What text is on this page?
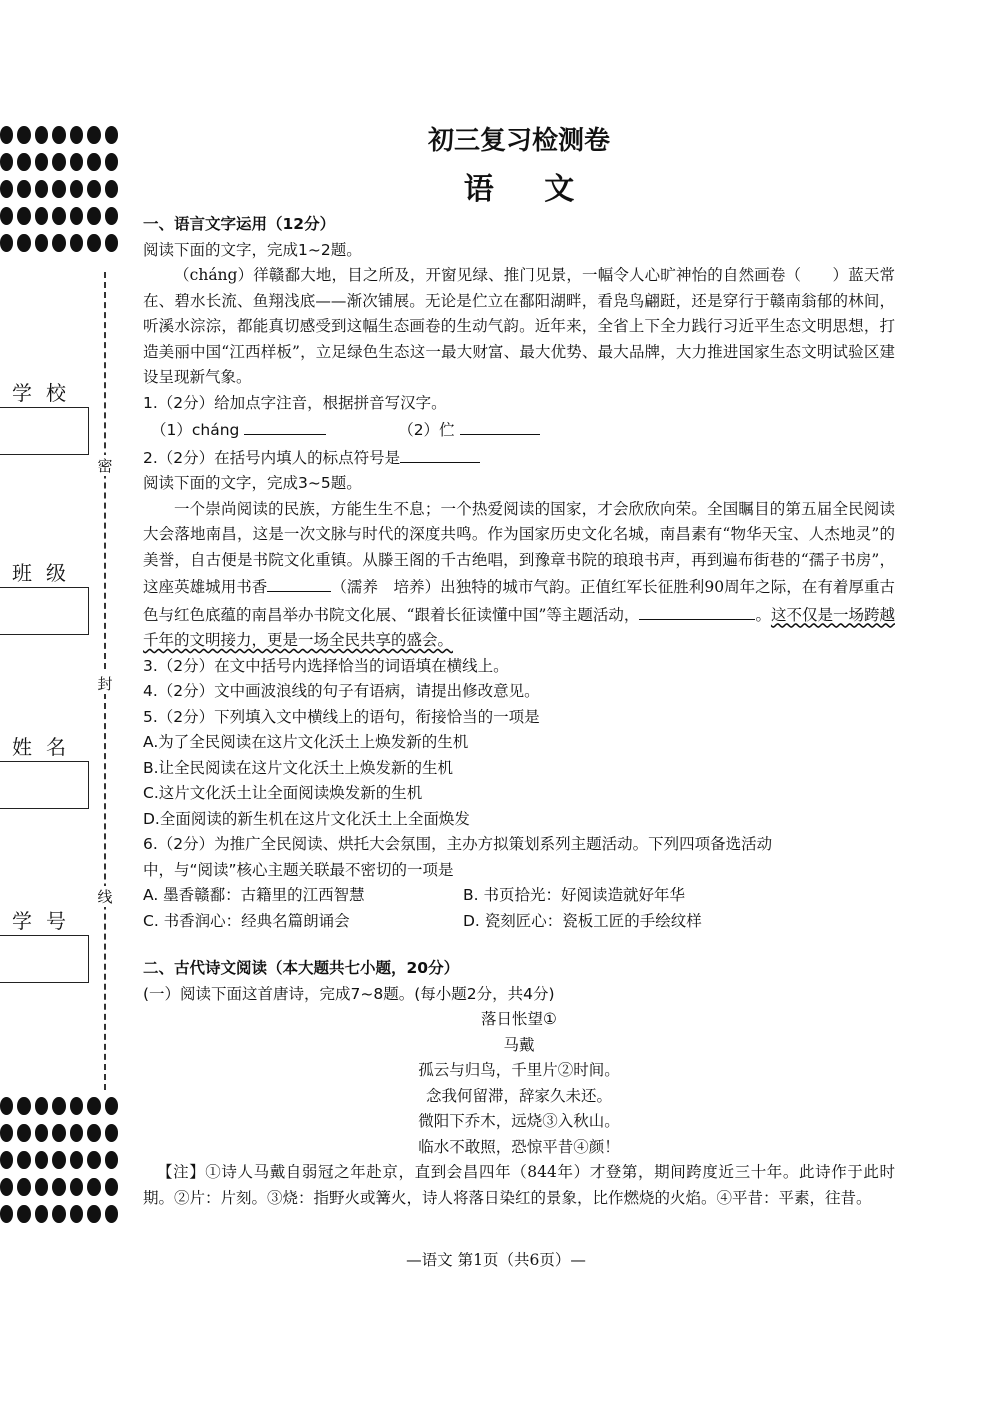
密
封
线
学校
班级
姓名
学号
初三复习检测卷
语 文
一、语言文字运用（12分）
阅读下面的文字，完成1~2题。
（cháng）徉赣鄱大地，目之所及，开窗见绿、推门见景，一幅令人心旷神怡的自然画卷（　　）蓝天常在、碧水长流、鱼翔浅底——渐次铺展。无论是伫立在鄱阳湖畔，看凫鸟翩跹，还是穿行于赣南翁郁的林间，听溪水淙淙，都能真切感受到这幅生态画卷的生动气韵。近年来，全省上下全力践行习近平生态文明思想，打造美丽中国“江西样板”，立足绿色生态这一最大财富、最大优势、最大品牌，大力推进国家生态文明试验区建设呈现新气象。
1.（2分）给加点字注音，根据拼音写汉字。
（1）cháng	（2）伫
2.（2分）在括号内填人的标点符号是
阅读下面的文字，完成3~5题。
一个崇尚阅读的民族，方能生生不息；一个热爱阅读的国家，才会欣欣向荣。全国瞩目的第五届全民阅读大会落地南昌，这是一次文脉与时代的深度共鸣。作为国家历史文化名城，南昌素有“物华天宝、人杰地灵”的美誉，自古便是书院文化重镇。从滕王阁的千古绝唱，到豫章书院的琅琅书声，再到遍布街巷的“孺子书房”，这座英雄城用书香	（濡养　培养）出独特的城市气韵。正值红军长征胜利90周年之际，在有着厚重古色与红色底蕴的南昌举办书院文化展、“跟着长征读懂中国”等主题活动，	。这不仅是一场跨越千年的文明接力，更是一场全民共享的盛会。
3.（2分）在文中括号内选择恰当的词语填在横线上。
4.（2分）文中画波浪线的句子有语病，请提出修改意见。
5.（2分）下列填入文中横线上的语句，衔接恰当的一项是
A.为了全民阅读在这片文化沃土上焕发新的生机
B.让全民阅读在这片文化沃土上焕发新的生机
C.这片文化沃土让全面阅读焕发新的生机
D.全面阅读的新生机在这片文化沃土上全面焕发
6.（2分）为推广全民阅读、烘托大会氛围，主办方拟策划系列主题活动。下列四项备选活动
中，与“阅读”核心主题关联最不密切的一项是
A. 墨香赣鄱：古籍里的江西智慧	B. 书页拾光：好阅读造就好年华
C. 书香润心：经典名篇朗诵会	D. 瓷刻匠心：瓷板工匠的手绘纹样
二、古代诗文阅读（本大题共七小题，20分）
(一）阅读下面这首唐诗，完成7~8题。(每小题2分，共4分)
落日怅望①
马戴
孤云与归鸟，千里片②时间。
念我何留滞，辞家久未还。
微阳下乔木，远烧③入秋山。
临水不敢照，恐惊平昔④颜！
【注】①诗人马戴自弱冠之年赴京，直到会昌四年（844年）才登第，期间跨度近三十年。此诗作于此时期。②片：片刻。③烧：指野火或篝火，诗人将落日染红的景象，比作燃烧的火焰。④平昔：平素，往昔。
—语文 第1页（共6页）—
